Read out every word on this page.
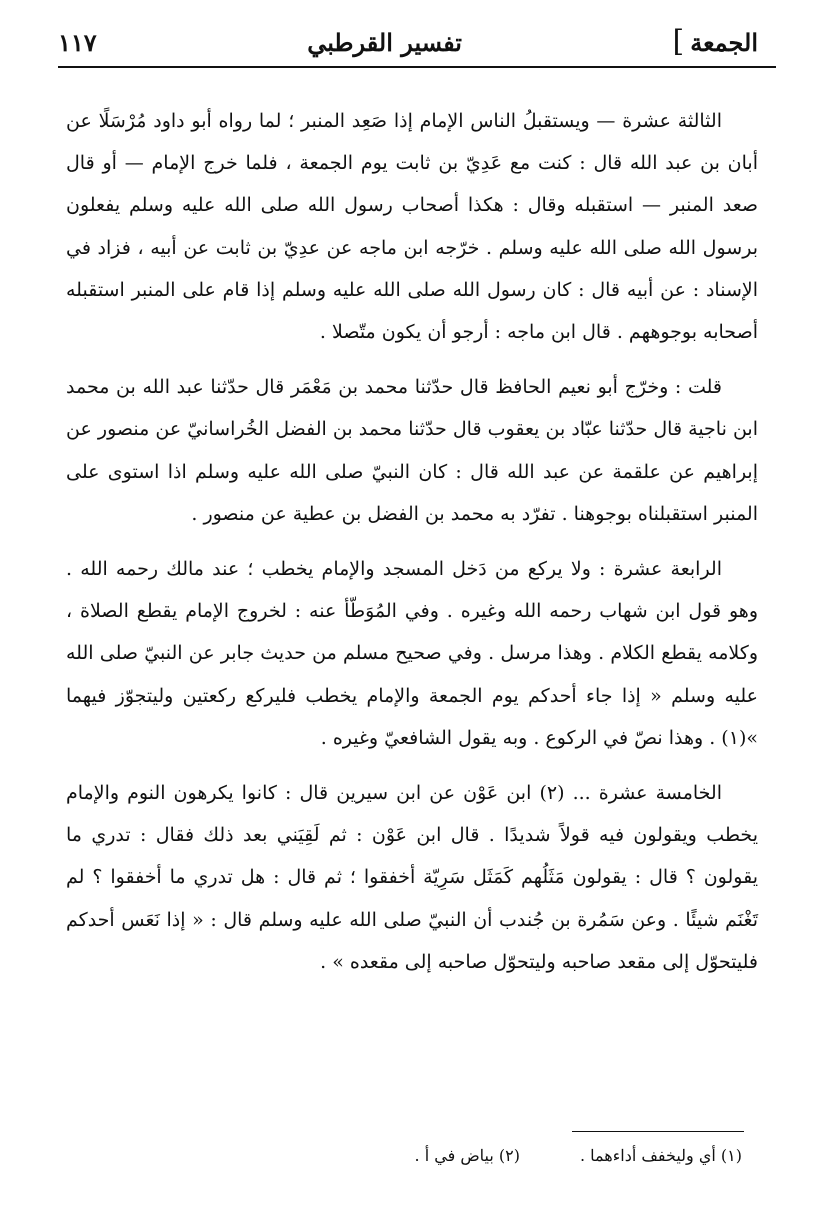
الجمعة
]
تفسير القرطبي
١١٧

الثالثة عشرة — ويستقبلُ الناس الإمام إذا صَعِد المنبر ؛ لما رواه أبو داود مُرْسَلًا عن أبان بن عبد الله قال : كنت مع عَدِيّ بن ثابت يوم الجمعة ، فلما خرج الإمام — أو قال صعد المنبر — استقبله وقال : هكذا أصحاب رسول الله صلى الله عليه وسلم يفعلون برسول الله صلى الله عليه وسلم . خرّجه ابن ماجه عن عدِيّ بن ثابت عن أبيه ، فزاد في الإسناد : عن أبيه قال : كان رسول الله صلى الله عليه وسلم إذا قام على المنبر استقبله أصحابه بوجوههم . قال ابن ماجه : أرجو أن يكون متّصلا .

قلت : وخرّج أبو نعيم الحافظ قال حدّثنا محمد بن مَعْمَر قال حدّثنا عبد الله بن محمد ابن ناجية قال حدّثنا عبّاد بن يعقوب قال حدّثنا محمد بن الفضل الخُراسانيّ عن منصور عن إبراهيم عن علقمة عن عبد الله قال : كان النبيّ صلى الله عليه وسلم اذا استوى على المنبر استقبلناه بوجوهنا . تفرّد به محمد بن الفضل بن عطية عن منصور .

الرابعة عشرة : ولا يركع من دَخل المسجد والإمام يخطب ؛ عند مالك رحمه الله . وهو قول ابن شهاب رحمه الله وغيره . وفي المُوَطّأ عنه : لخروج الإمام يقطع الصلاة ، وكلامه يقطع الكلام . وهذا مرسل . وفي صحيح مسلم من حديث جابر عن النبيّ صلى الله عليه وسلم « إذا جاء أحدكم يوم الجمعة والإمام يخطب فليركع ركعتين وليتجوّز فيهما »(١) . وهذا نصّ في الركوع . وبه يقول الشافعيّ وغيره .

الخامسة عشرة ... (٢) ابن عَوْن عن ابن سيرين قال : كانوا يكرهون النوم والإمام يخطب ويقولون فيه قولاً شديدًا . قال ابن عَوْن : ثم لَقِيَني بعد ذلك فقال : تدري ما يقولون ؟ قال : يقولون مَثَلُهم كَمَثَل سَرِيّة أخفقوا ؛ ثم قال : هل تدري ما أخفقوا ؟ لم تَغْنَم شيئًا . وعن سَمُرة بن جُندب أن النبيّ صلى الله عليه وسلم قال : « إذا نَعَس أحدكم فليتحوّل إلى مقعد صاحبه وليتحوّل صاحبه إلى مقعده » .

(١) أي وليخفف أداءهما .
(٢) بياض في أ .
